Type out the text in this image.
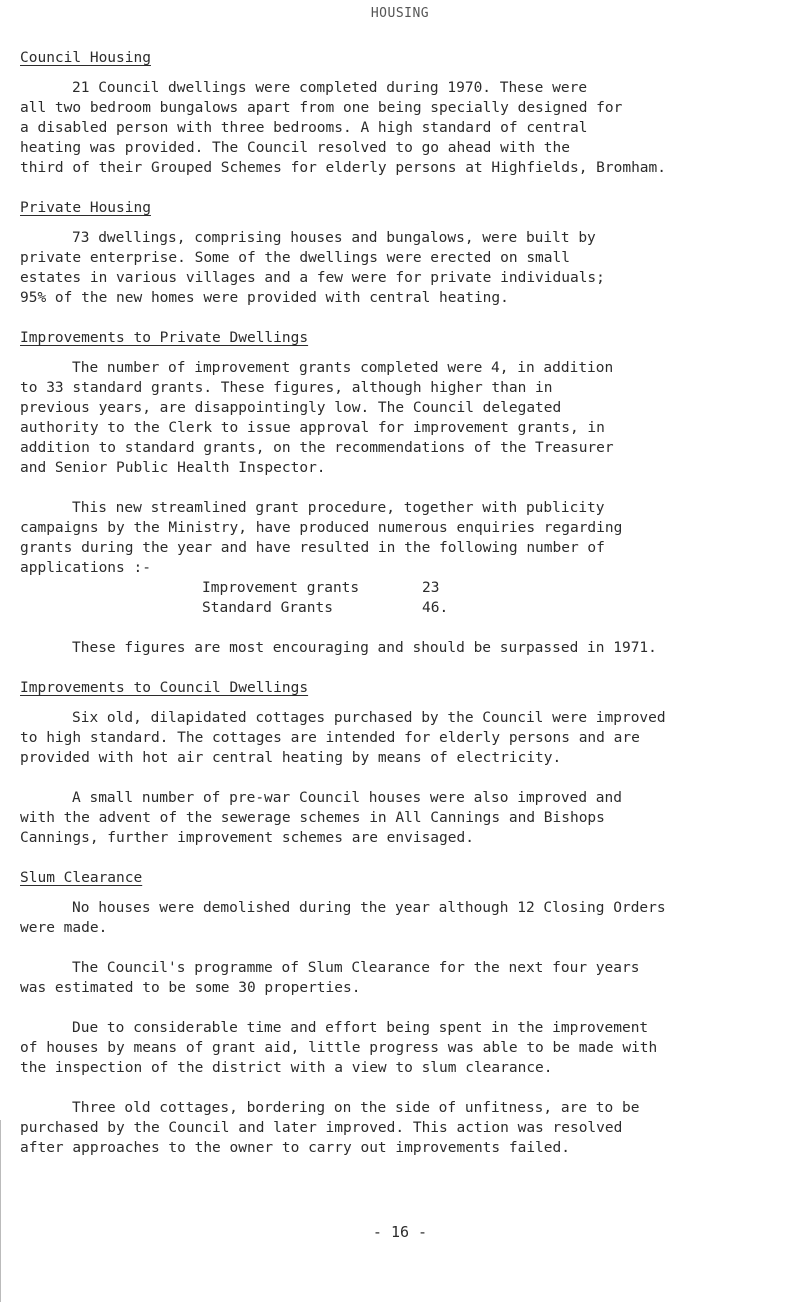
HOUSING
Council Housing

21 Council dwellings were completed during 1970. These were
all two bedroom bungalows apart from one being specially designed for
a disabled person with three bedrooms. A high standard of central
heating was provided. The Council resolved to go ahead with the
third of their Grouped Schemes for elderly persons at Highfields, Bromham.

Private Housing

73 dwellings, comprising houses and bungalows, were built by
private enterprise. Some of the dwellings were erected on small
estates in various villages and a few were for private individuals;
95% of the new homes were provided with central heating.

Improvements to Private Dwellings

The number of improvement grants completed were 4, in addition
to 33 standard grants. These figures, although higher than in
previous years, are disappointingly low. The Council delegated
authority to the Clerk to issue approval for improvement grants, in
addition to standard grants, on the recommendations of the Treasurer
and Senior Public Health Inspector.

This new streamlined grant procedure, together with publicity
campaigns by the Ministry, have produced numerous enquiries regarding
grants during the year and have resulted in the following number of
applications :-

Improvement grants	23
Standard Grants	46.

These figures are most encouraging and should be surpassed in 1971.

Improvements to Council Dwellings

Six old, dilapidated cottages purchased by the Council were improved
to high standard. The cottages are intended for elderly persons and are
provided with hot air central heating by means of electricity.

A small number of pre-war Council houses were also improved and
with the advent of the sewerage schemes in All Cannings and Bishops
Cannings, further improvement schemes are envisaged.

Slum Clearance

No houses were demolished during the year although 12 Closing Orders
were made.

The Council's programme of Slum Clearance for the next four years
was estimated to be some 30 properties.

Due to considerable time and effort being spent in the improvement
of houses by means of grant aid, little progress was able to be made with
the inspection of the district with a view to slum clearance.

Three old cottages, bordering on the side of unfitness, are to be
purchased by the Council and later improved. This action was resolved
after approaches to the owner to carry out improvements failed.

- 16 -
